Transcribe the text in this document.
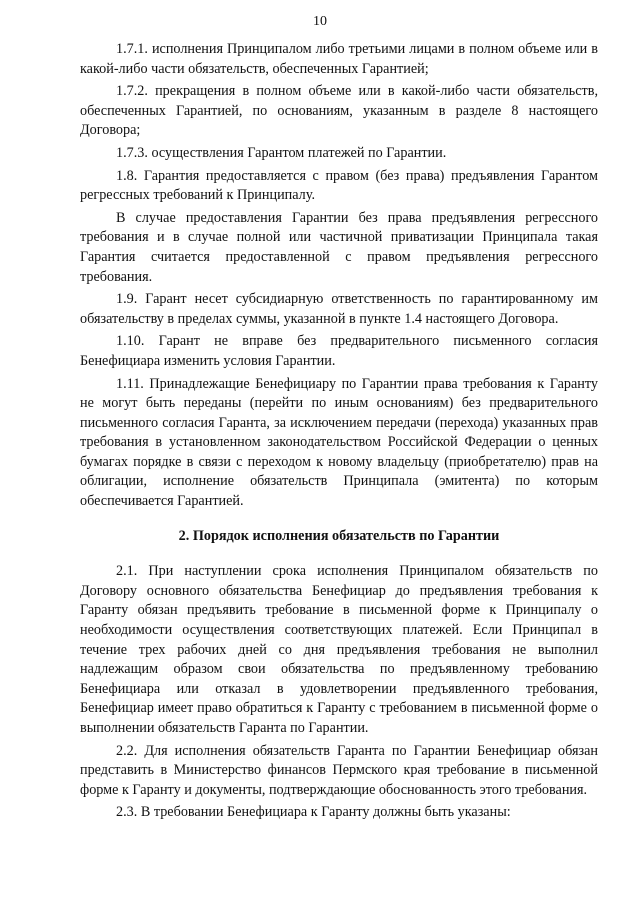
10

1.7.1. исполнения Принципалом либо третьими лицами в полном объеме или в какой-либо части обязательств, обеспеченных Гарантией;

1.7.2. прекращения в полном объеме или в какой-либо части обязательств, обеспеченных Гарантией, по основаниям, указанным в разделе 8 настоящего Договора;

1.7.3. осуществления Гарантом платежей по Гарантии.

1.8. Гарантия предоставляется с правом (без права) предъявления Гарантом регрессных требований к Принципалу.

В случае предоставления Гарантии без права предъявления регрессного требования и в случае полной или частичной приватизации Принципала такая Гарантия считается предоставленной с правом предъявления регрессного требования.

1.9. Гарант несет субсидиарную ответственность по гарантированному им обязательству в пределах суммы, указанной в пункте 1.4 настоящего Договора.

1.10. Гарант не вправе без предварительного письменного согласия Бенефициара изменить условия Гарантии.

1.11. Принадлежащие Бенефициару по Гарантии права требования к Гаранту не могут быть переданы (перейти по иным основаниям) без предварительного письменного согласия Гаранта, за исключением передачи (перехода) указанных прав требования в установленном законодательством Российской Федерации о ценных бумагах порядке в связи с переходом к новому владельцу (приобретателю) прав на облигации, исполнение обязательств Принципала (эмитента) по которым обеспечивается Гарантией.

2. Порядок исполнения обязательств по Гарантии

2.1. При наступлении срока исполнения Принципалом обязательств по Договору основного обязательства Бенефициар до предъявления требования к Гаранту обязан предъявить требование в письменной форме к Принципалу о необходимости осуществления соответствующих платежей. Если Принципал в течение трех рабочих дней со дня предъявления требования не выполнил надлежащим образом свои обязательства по предъявленному требованию Бенефициара или отказал в удовлетворении предъявленного требования, Бенефициар имеет право обратиться к Гаранту с требованием в письменной форме о выполнении обязательств Гаранта по Гарантии.

2.2. Для исполнения обязательств Гаранта по Гарантии Бенефициар обязан представить в Министерство финансов Пермского края требование в письменной форме к Гаранту и документы, подтверждающие обоснованность этого требования.

2.3. В требовании Бенефициара к Гаранту должны быть указаны:
